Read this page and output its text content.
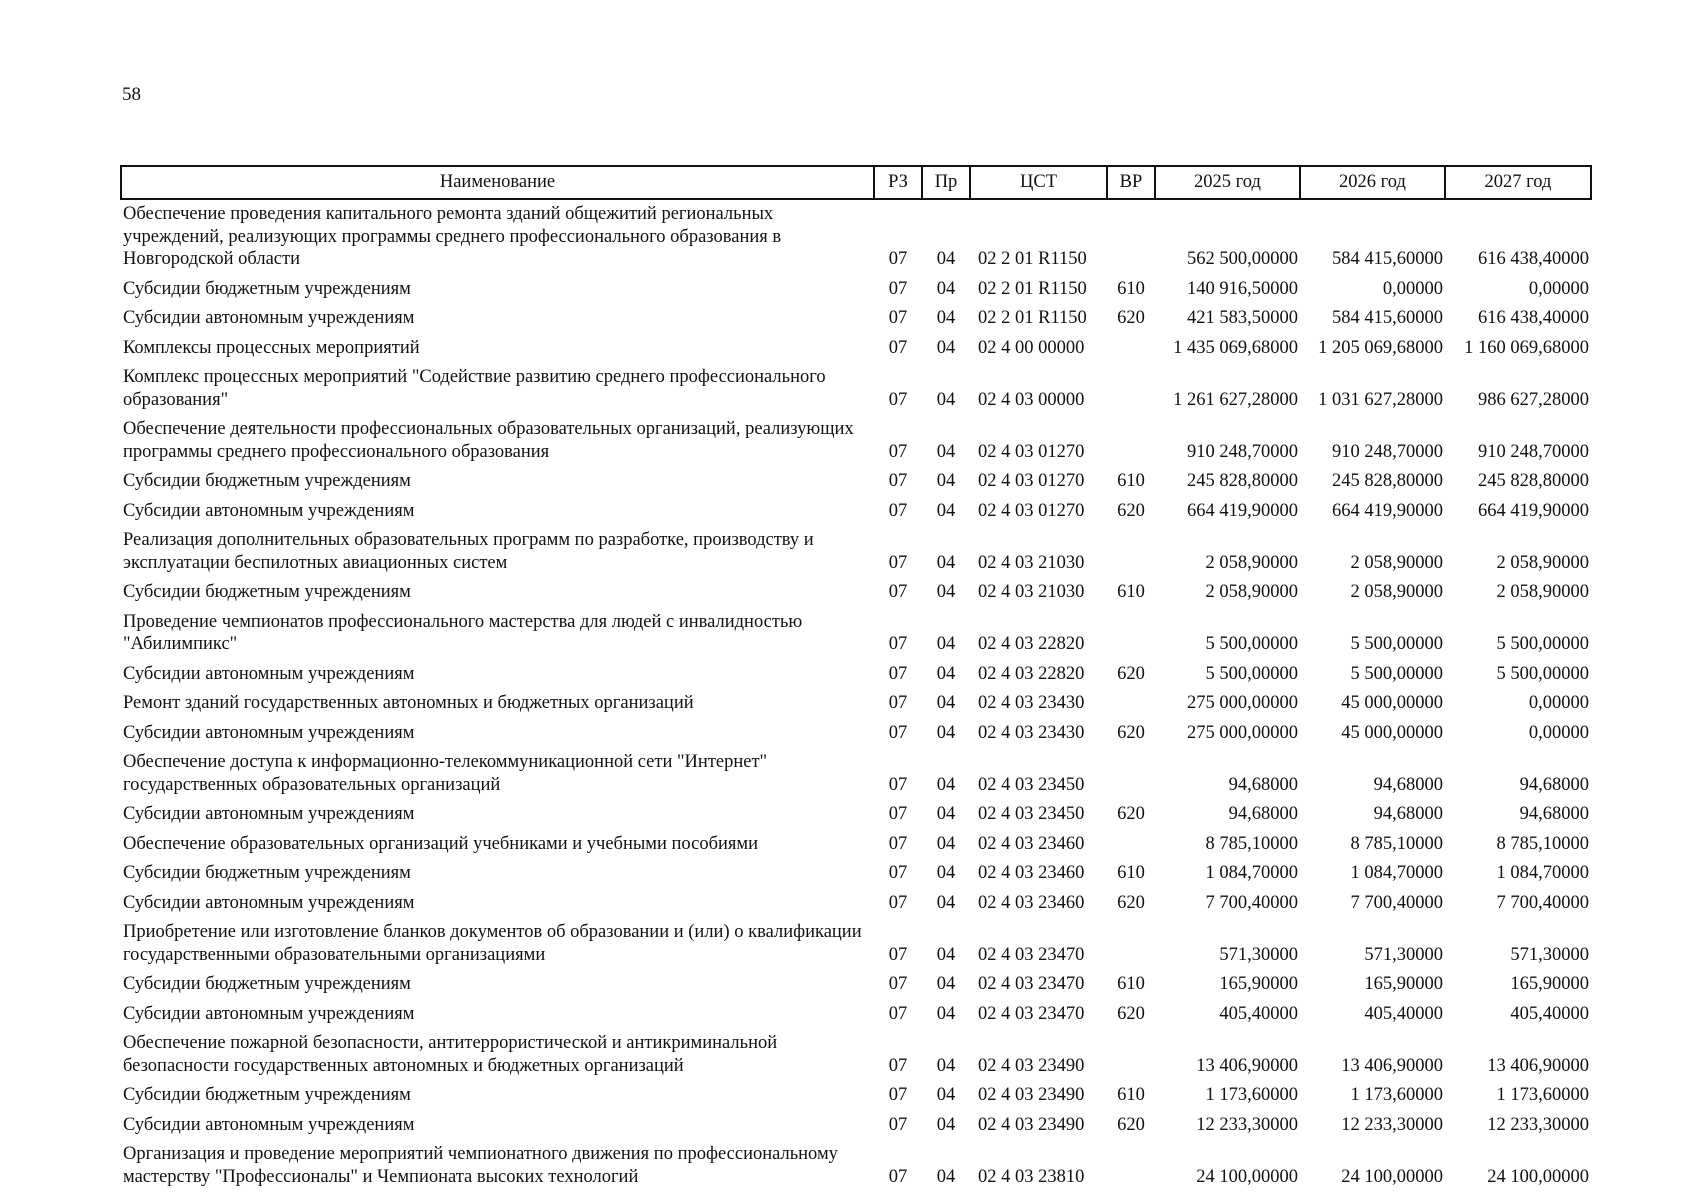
58
Наименование	РЗ	Пр	ЦСТ	ВР	2025 год	2026 год	2027 год
Обеспечение проведения капитального ремонта зданий общежитий региональных учреждений, реализующих программы среднего профессионального образования в Новгородской области	07	04	02 2 01 R1150		562 500,00000	584 415,60000	616 438,40000
Субсидии бюджетным учреждениям	07	04	02 2 01 R1150	610	140 916,50000	0,00000	0,00000
Субсидии автономным учреждениям	07	04	02 2 01 R1150	620	421 583,50000	584 415,60000	616 438,40000
Комплексы процессных мероприятий	07	04	02 4 00 00000		1 435 069,68000	1 205 069,68000	1 160 069,68000
Комплекс процессных мероприятий "Содействие развитию среднего профессионального образования"	07	04	02 4 03 00000		1 261 627,28000	1 031 627,28000	986 627,28000
Обеспечение деятельности профессиональных образовательных организаций, реализующих программы среднего профессионального образования	07	04	02 4 03 01270		910 248,70000	910 248,70000	910 248,70000
Субсидии бюджетным учреждениям	07	04	02 4 03 01270	610	245 828,80000	245 828,80000	245 828,80000
Субсидии автономным учреждениям	07	04	02 4 03 01270	620	664 419,90000	664 419,90000	664 419,90000
Реализация дополнительных образовательных программ по разработке, производству и эксплуатации беспилотных авиационных систем	07	04	02 4 03 21030		2 058,90000	2 058,90000	2 058,90000
Субсидии бюджетным учреждениям	07	04	02 4 03 21030	610	2 058,90000	2 058,90000	2 058,90000
Проведение чемпионатов профессионального мастерства для людей с инвалидностью "Абилимпикс"	07	04	02 4 03 22820		5 500,00000	5 500,00000	5 500,00000
Субсидии автономным учреждениям	07	04	02 4 03 22820	620	5 500,00000	5 500,00000	5 500,00000
Ремонт зданий государственных автономных и бюджетных организаций	07	04	02 4 03 23430		275 000,00000	45 000,00000	0,00000
Субсидии автономным учреждениям	07	04	02 4 03 23430	620	275 000,00000	45 000,00000	0,00000
Обеспечение доступа к информационно-телекоммуникационной сети "Интернет" государственных образовательных организаций	07	04	02 4 03 23450		94,68000	94,68000	94,68000
Субсидии автономным учреждениям	07	04	02 4 03 23450	620	94,68000	94,68000	94,68000
Обеспечение образовательных организаций учебниками и учебными пособиями	07	04	02 4 03 23460		8 785,10000	8 785,10000	8 785,10000
Субсидии бюджетным учреждениям	07	04	02 4 03 23460	610	1 084,70000	1 084,70000	1 084,70000
Субсидии автономным учреждениям	07	04	02 4 03 23460	620	7 700,40000	7 700,40000	7 700,40000
Приобретение или изготовление бланков документов об образовании и (или) о квалификации государственными образовательными организациями	07	04	02 4 03 23470		571,30000	571,30000	571,30000
Субсидии бюджетным учреждениям	07	04	02 4 03 23470	610	165,90000	165,90000	165,90000
Субсидии автономным учреждениям	07	04	02 4 03 23470	620	405,40000	405,40000	405,40000
Обеспечение пожарной безопасности, антитеррористической и антикриминальной безопасности государственных автономных и бюджетных организаций	07	04	02 4 03 23490		13 406,90000	13 406,90000	13 406,90000
Субсидии бюджетным учреждениям	07	04	02 4 03 23490	610	1 173,60000	1 173,60000	1 173,60000
Субсидии автономным учреждениям	07	04	02 4 03 23490	620	12 233,30000	12 233,30000	12 233,30000
Организация и проведение мероприятий чемпионатного движения по профессиональному мастерству "Профессионалы" и Чемпионата высоких технологий	07	04	02 4 03 23810		24 100,00000	24 100,00000	24 100,00000
